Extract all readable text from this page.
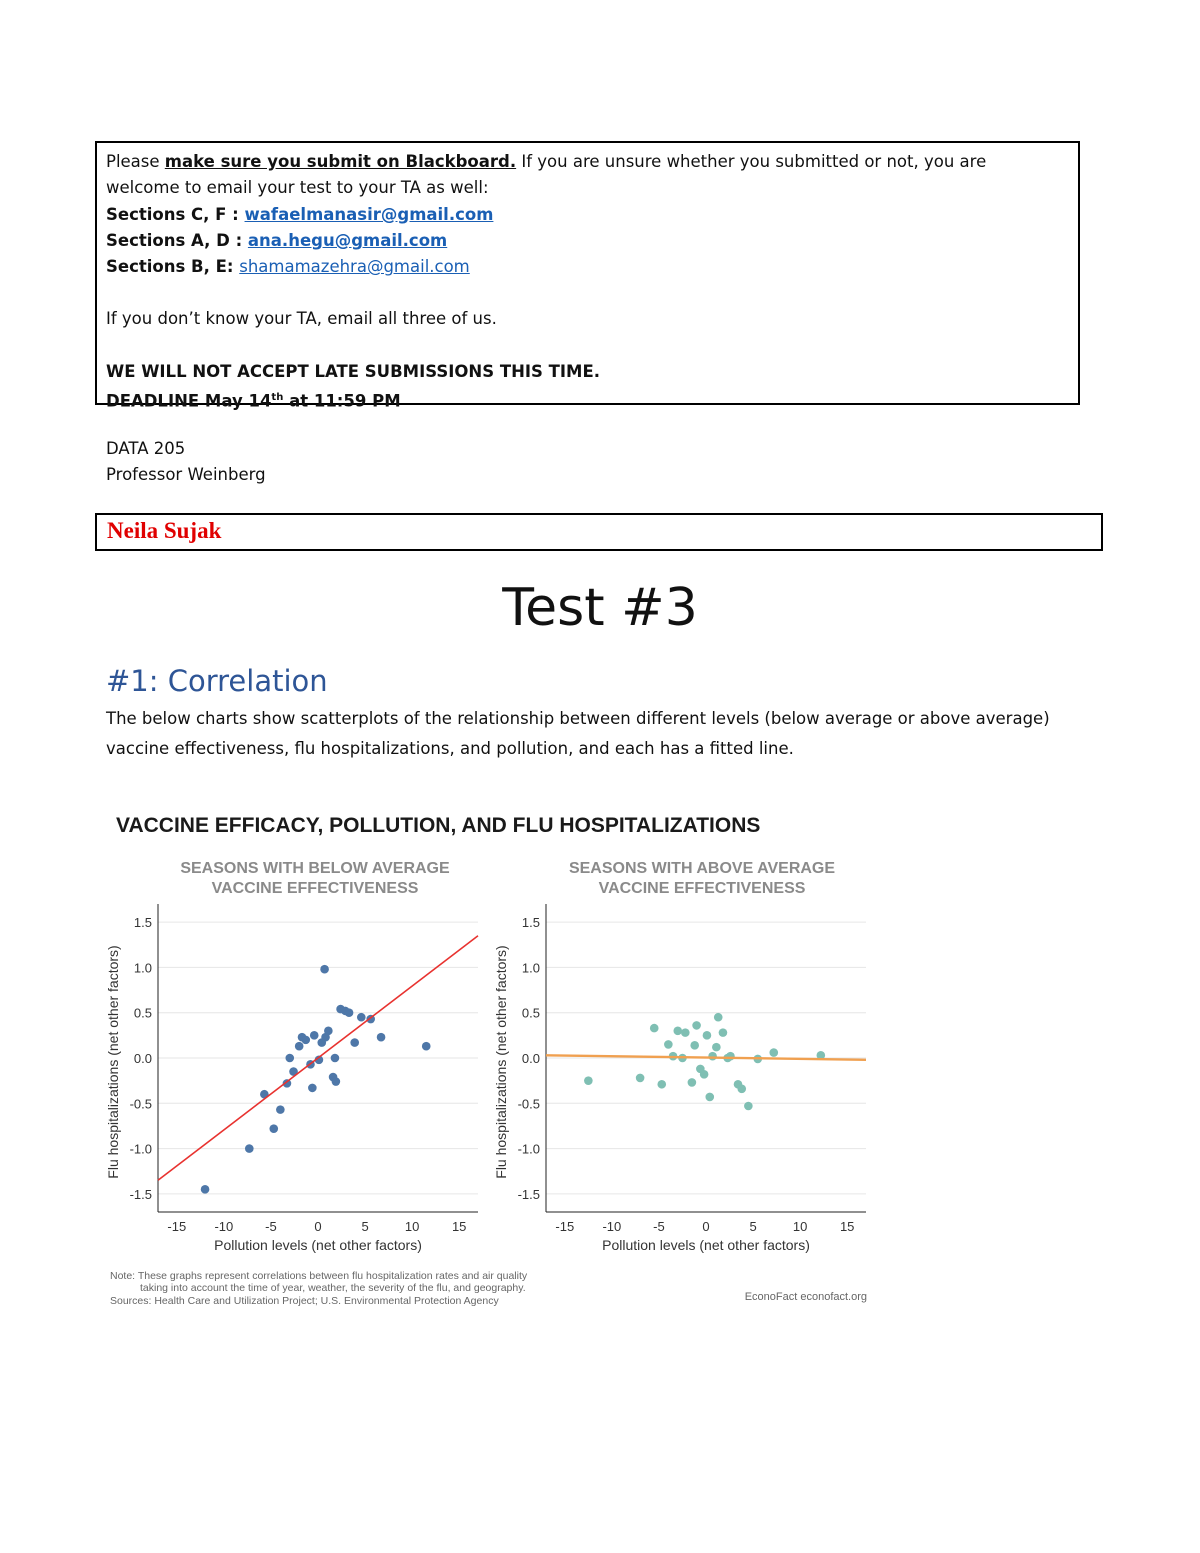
Please make sure you submit on Blackboard. If you are unsure whether you submitted or not, you are

welcome to email your test to your TA as well:

Sections C, F : wafaelmanasir@gmail.com

Sections A, D : ana.hegu@gmail.com

Sections B, E: shamamazehra@gmail.com

If you don’t know your TA, email all three of us.

WE WILL NOT ACCEPT LATE SUBMISSIONS THIS TIME.

DEADLINE May 14th at 11:59 PM

DATA 205
Professor Weinberg
Neila Sujak
Test #3
#1: Correlation
The below charts show scatterplots of the relationship between different levels (below average or above average) vaccine effectiveness, flu hospitalizations, and pollution, and each has a fitted line.
VACCINE EFFICACY, POLLUTION, AND FLU HOSPITALIZATIONS
SEASONS WITH BELOW AVERAGE
VACCINE EFFECTIVENESS
1.5
1.0
0.5
0.0
-0.5
-1.0
-1.5
-15 -10 -5	0	5	10	15
Pollution levels (net other factors)
Flu hospitalizations (net other factors)
SEASONS WITH ABOVE AVERAGE
VACCINE EFFECTIVENESS
1.5
1.0
0.5
0.0
-0.5
-1.0
-1.5
-15 -10 -5	0	5	10	15
Pollution levels (net other factors)
Flu hospitalizations (net other factors)
Note: These graphs represent correlations between flu hospitalization rates and air quality
taking into account the time of year, weather, the severity of the flu, and geography.
Sources: Health Care and Utilization Project; U.S. Environmental Protection Agency	EconoFact econofact.org
